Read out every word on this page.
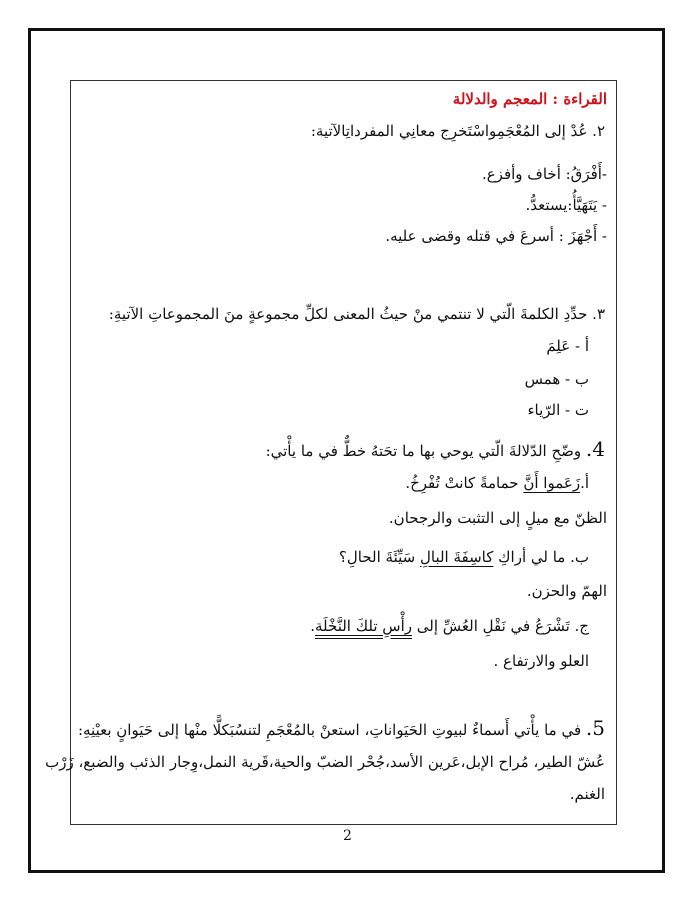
القراءة : المعجم والدلالة
٢. عُدْ إلى المُعْجَمِواسْتَخرِج معانِي المفرداتِالآتية:
-أَفْرَقُ: أخاف وأفزع.
- يَتَهَيَّأُ:يستعدُّ.
- أَجْهَزَ : أسرعَ في قتله وقضى عليه.
٣. حدِّدِ الكلمةَ الّتي لا تنتمي منْ حيثُ المعنى لكلِّ مجموعةٍ منَ المجموعاتِ الآتيةِ:
أ - عَلِمَ
ب - همس
ت - الرّياء
4. وضّحِ الدّلالةَ الّتي يوحي بها ما تحَتهُ خطٌّ في ما يأْتي:
أ.زَعَموا أَنَّ حمامةً كانتْ تُفْرِخُ.
الظنّ مع ميلٍ إلى التثبت والرجحان.
ب. ما لي أراكِ كاسِفَةَ البالِ سَيِّئَةَ الحالِ؟
الهمّ والحزن.
ج. تَشْرَعُ في نَقْلِ العُشِّ إلى رأْسِ تلكَ النَّخْلَة.
العلو والارتفاع .
5. في ما يأْتي أَسماءٌ لبيوتِ الحَيَواناتِ، استعنْ بالمُعْجَمِ لتنسُبَكلًّا منْها إلى حَيَوانٍ بعيْنِهِ:
عُشّ الطير، مُراح الإبل،عَرين الأسد،جُحْر الضبّ والحية،قَرية النمل،وِجار الذئب والضبع، زَرْب
الغنم.
2
